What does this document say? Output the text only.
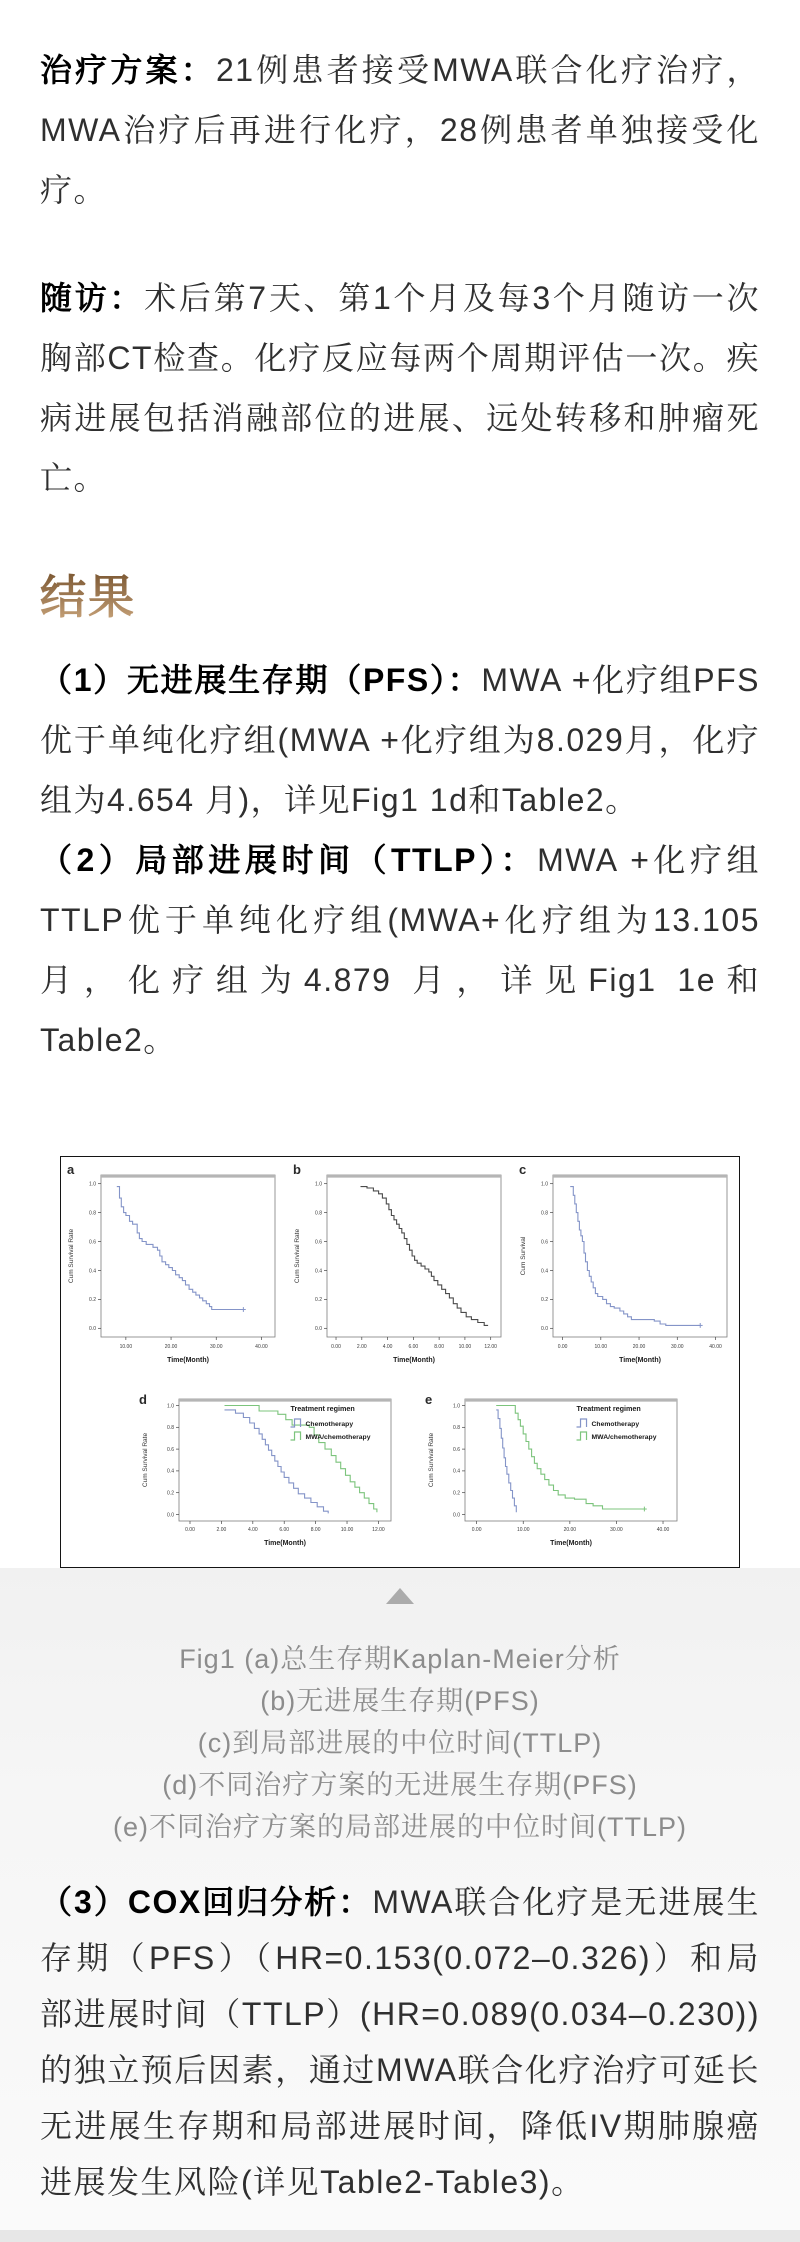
治疗方案：21例患者接受MWA联合化疗治疗，MWA治疗后再进行化疗，28例患者单独接受化疗。

随访：术后第7天、第1个月及每3个月随访一次胸部CT检查。化疗反应每两个周期评估一次。疾病进展包括消融部位的进展、远处转移和肿瘤死亡。

结果

（1）无进展生存期（PFS）：MWA +化疗组PFS优于单纯化疗组(MWA +化疗组为8.029月，化疗组为4.654 月)，详见Fig1 1d和Table2。

（2）局部进展时间（TTLP）：MWA +化疗组TTLP优于单纯化疗组(MWA+化疗组为13.105 月，化疗组为4.879 月，详见Fig1 1e和Table2。

a
0.0
0.2
0.4
0.6
0.8
1.0
10.00	20.00	30.00	40.00
Time(Month)
Cum Survival Rate
b
0.0
0.2
0.4
0.6
0.8
1.0
0.00	2.00	4.00	6.00	8.00	10.00	12.00
Time(Month)
Cum Survival Rate
c
0.0
0.2
0.4
0.6
0.8
1.0
0.00	10.00	20.00	30.00	40.00
Time(Month)
Cum Survival
d
0.0
0.2
0.4
0.6
0.8
1.0
0.00	2.00	4.00	6.00	8.00	10.00	12.00
Time(Month)
Cum Survival Rate
Treatment regimen
Chemotherapy
MWA/chemotherapy
e
0.0
0.2
0.4
0.6
0.8
1.0
0.00	10.00	20.00	30.00	40.00
Time(Month)
Cum Survival Rate
Treatment regimen
Chemotherapy
MWA/chemotherapy
Fig1 (a)总生存期Kaplan-Meier分析
(b)无进展生存期(PFS)
(c)到局部进展的中位时间(TTLP)
(d)不同治疗方案的无进展生存期(PFS)
(e)不同治疗方案的局部进展的中位时间(TTLP)

（3）COX回归分析：MWA联合化疗是无进展生存期（PFS）（HR=0.153(0.072–0.326)）和局部进展时间（TTLP）(HR=0.089(0.034–0.230))的独立预后因素，通过MWA联合化疗治疗可延长无进展生存期和局部进展时间，降低IV期肺腺癌进展发生风险(详见Table2-Table3)。
